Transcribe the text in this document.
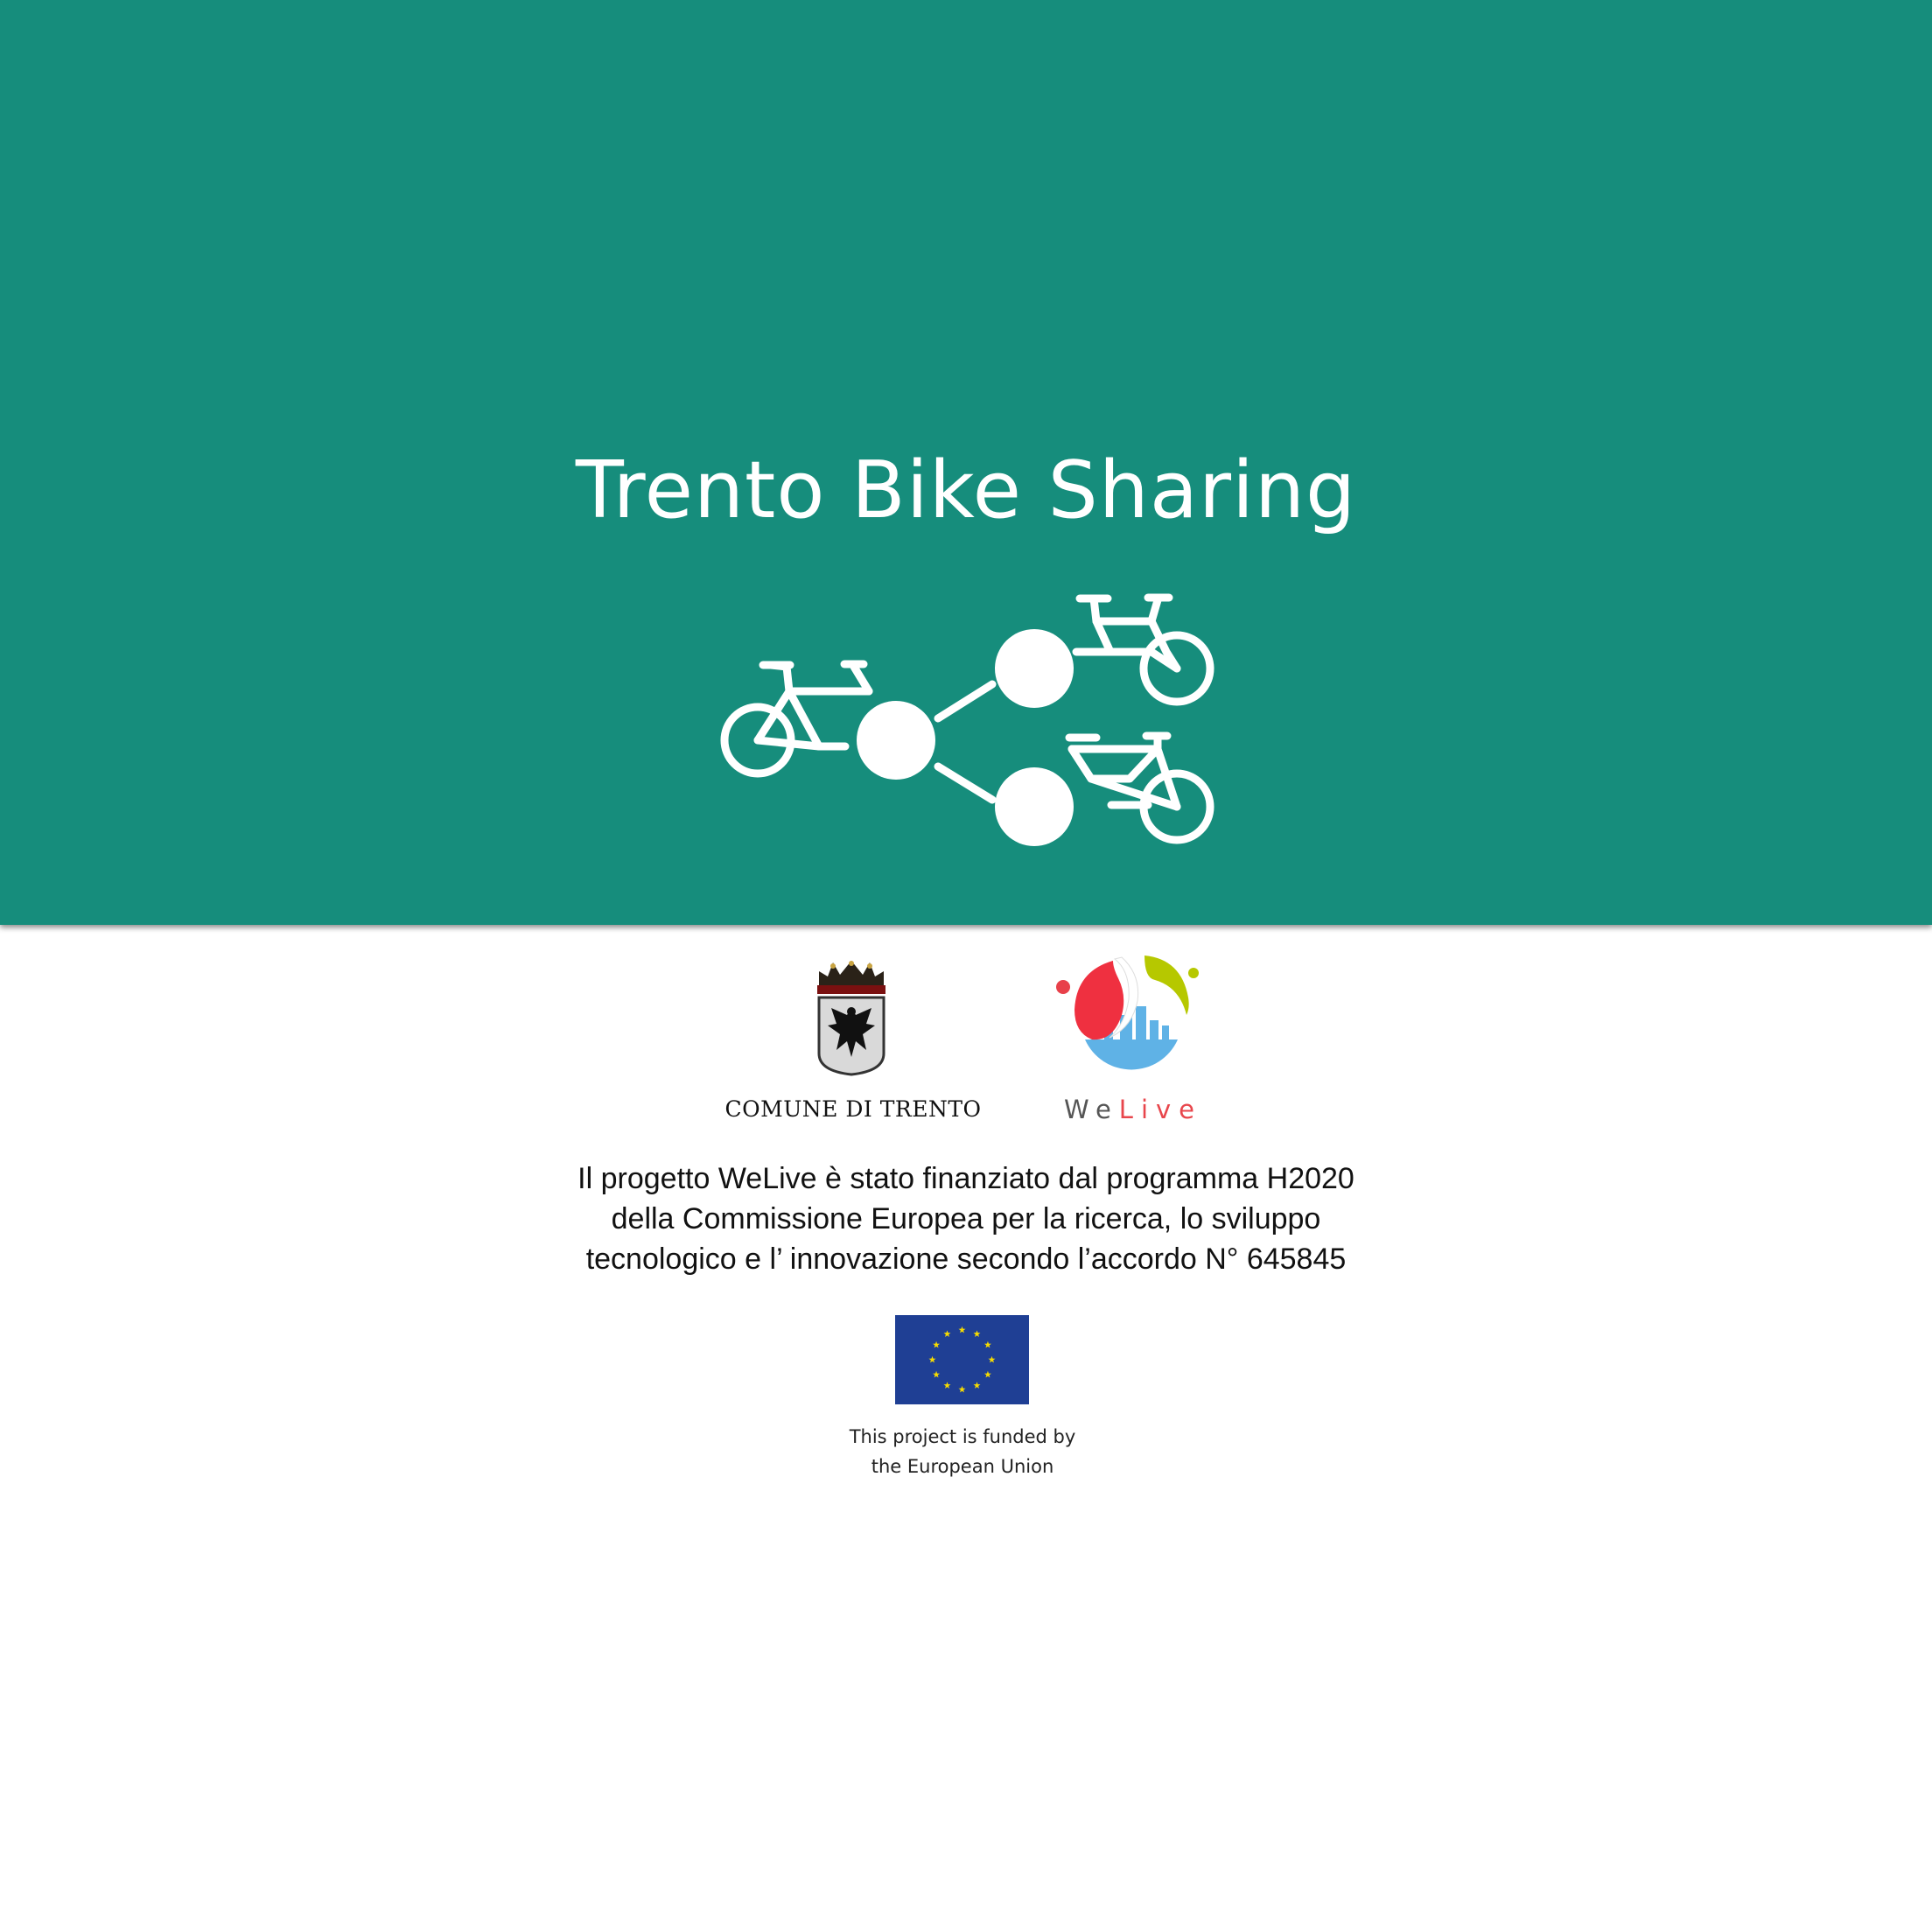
Trento Bike Sharing
COMUNE DI TRENTO	WeLive
Il progetto WeLive è stato finanziato dal programma H2020
della Commissione Europea per la ricerca, lo sviluppo
tecnologico e l’ innovazione secondo l’accordo N° 645845
This project is funded by
the European Union
